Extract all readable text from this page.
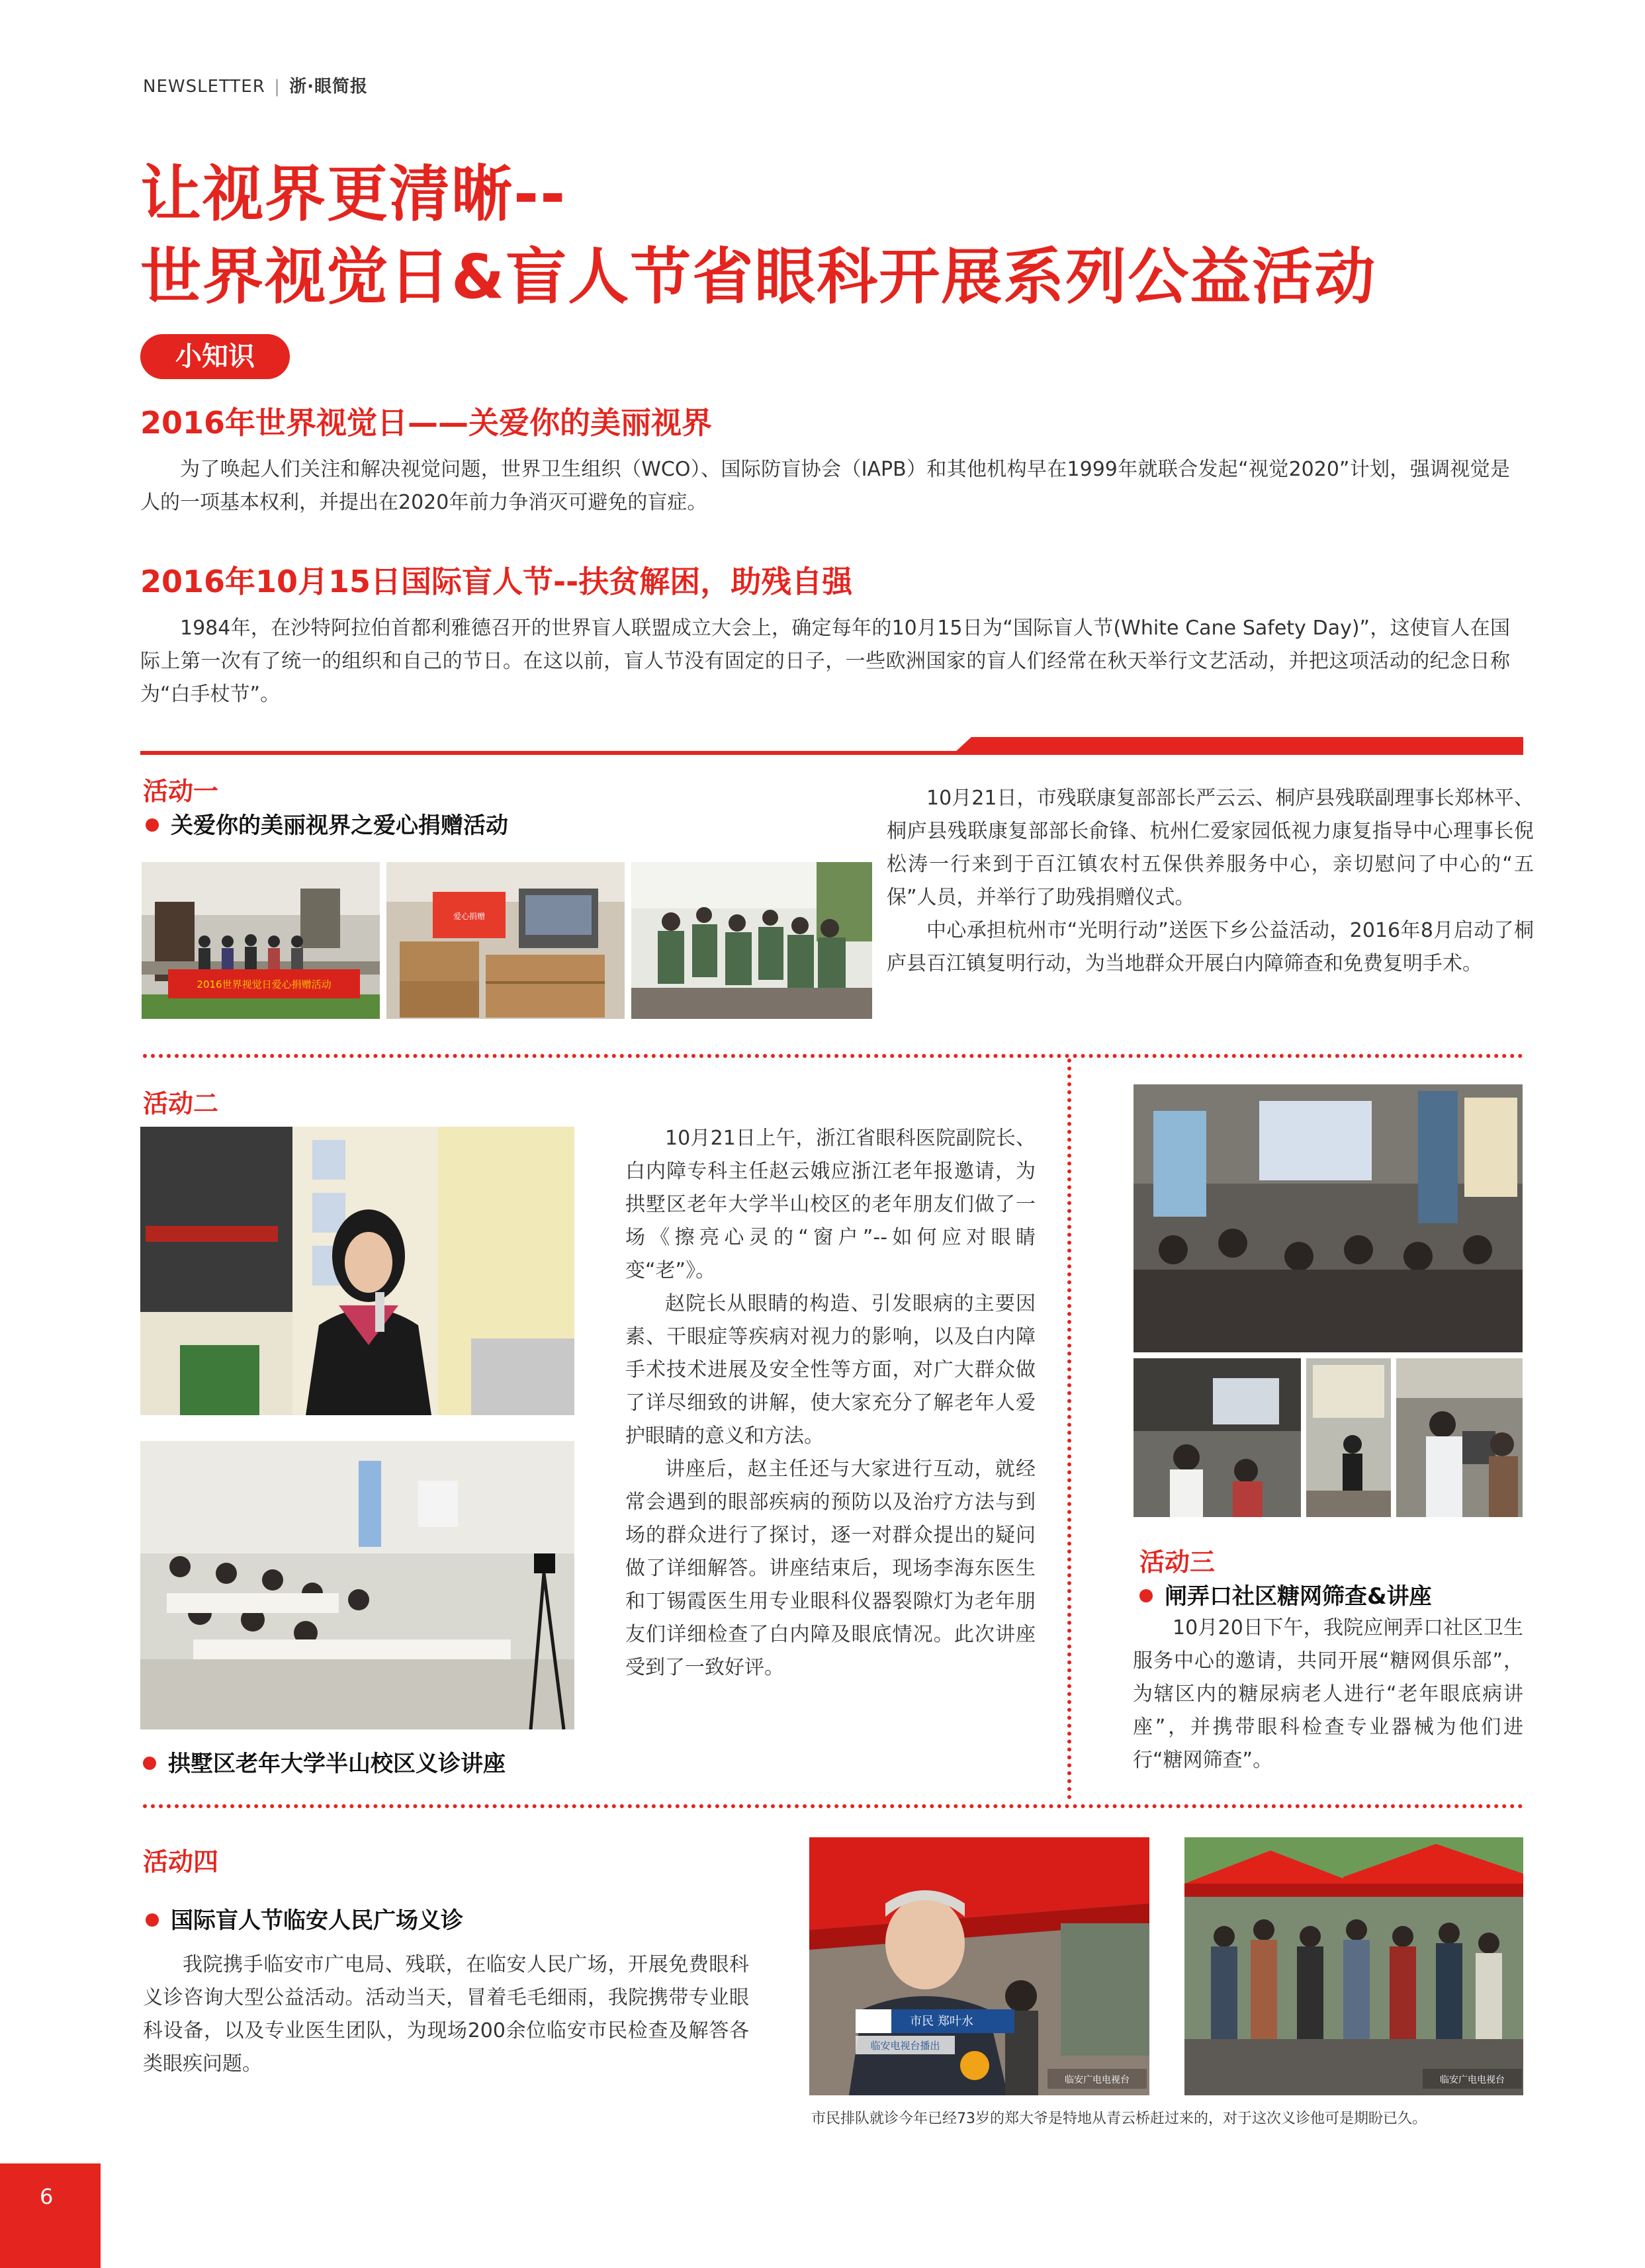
NEWSLETTER | 浙·眼简报
让视界更清晰--
世界视觉日&盲人节省眼科开展系列公益活动
小知识
2016年世界视觉日——关爱你的美丽视界

为了唤起人们关注和解决视觉问题，世界卫生组织（WCO）、国际防盲协会（IAPB）和其他机构早在1999年就联合发起“视觉2020”计划，强调视觉是人的一项基本权利，并提出在2020年前力争消灭可避免的盲症。

2016年10月15日国际盲人节--扶贫解困，助残自强

1984年，在沙特阿拉伯首都利雅德召开的世界盲人联盟成立大会上，确定每年的10月15日为“国际盲人节(White Cane Safety Day)”，这使盲人在国际上第一次有了统一的组织和自己的节日。在这以前，盲人节没有固定的日子，一些欧洲国家的盲人们经常在秋天举行文艺活动，并把这项活动的纪念日称为“白手杖节”。

活动一
关爱你的美丽视界之爱心捐赠活动
2016世界视觉日爱心捐赠活动
爱心捐赠

10月21日，市残联康复部部长严云云、桐庐县残联副理事长郑林平、桐庐县残联康复部部长俞锋、杭州仁爱家园低视力康复指导中心理事长倪松涛一行来到于百江镇农村五保供养服务中心，亲切慰问了中心的“五保”人员，并举行了助残捐赠仪式。

中心承担杭州市“光明行动”送医下乡公益活动，2016年8月启动了桐庐县百江镇复明行动，为当地群众开展白内障筛查和免费复明手术。

活动二
拱墅区老年大学半山校区义诊讲座

10月21日上午，浙江省眼科医院副院长、白内障专科主任赵云娥应浙江老年报邀请，为拱墅区老年大学半山校区的老年朋友们做了一场《擦亮心灵的“窗户”--如何应对眼睛变“老”》。

赵院长从眼睛的构造、引发眼病的主要因素、干眼症等疾病对视力的影响，以及白内障手术技术进展及安全性等方面，对广大群众做了详尽细致的讲解，使大家充分了解老年人爱护眼睛的意义和方法。

讲座后，赵主任还与大家进行互动，就经常会遇到的眼部疾病的预防以及治疗方法与到场的群众进行了探讨，逐一对群众提出的疑问做了详细解答。讲座结束后，现场李海东医生和丁锡霞医生用专业眼科仪器裂隙灯为老年朋友们详细检查了白内障及眼底情况。此次讲座受到了一致好评。

活动三
闸弄口社区糖网筛查&讲座

10月20日下午，我院应闸弄口社区卫生服务中心的邀请，共同开展“糖网俱乐部”，为辖区内的糖尿病老人进行“老年眼底病讲座”，并携带眼科检查专业器械为他们进行“糖网筛查”。

活动四
国际盲人节临安人民广场义诊

我院携手临安市广电局、残联，在临安人民广场，开展免费眼科义诊咨询大型公益活动。活动当天，冒着毛毛细雨，我院携带专业眼科设备，以及专业医生团队，为现场200余位临安市民检查及解答各类眼疾问题。

市民 郑叶水
临安电视台播出
临安广电电视台	临安广电电视台
市民排队就诊今年已经73岁的郑大爷是特地从青云桥赶过来的，对于这次义诊他可是期盼已久。
6
